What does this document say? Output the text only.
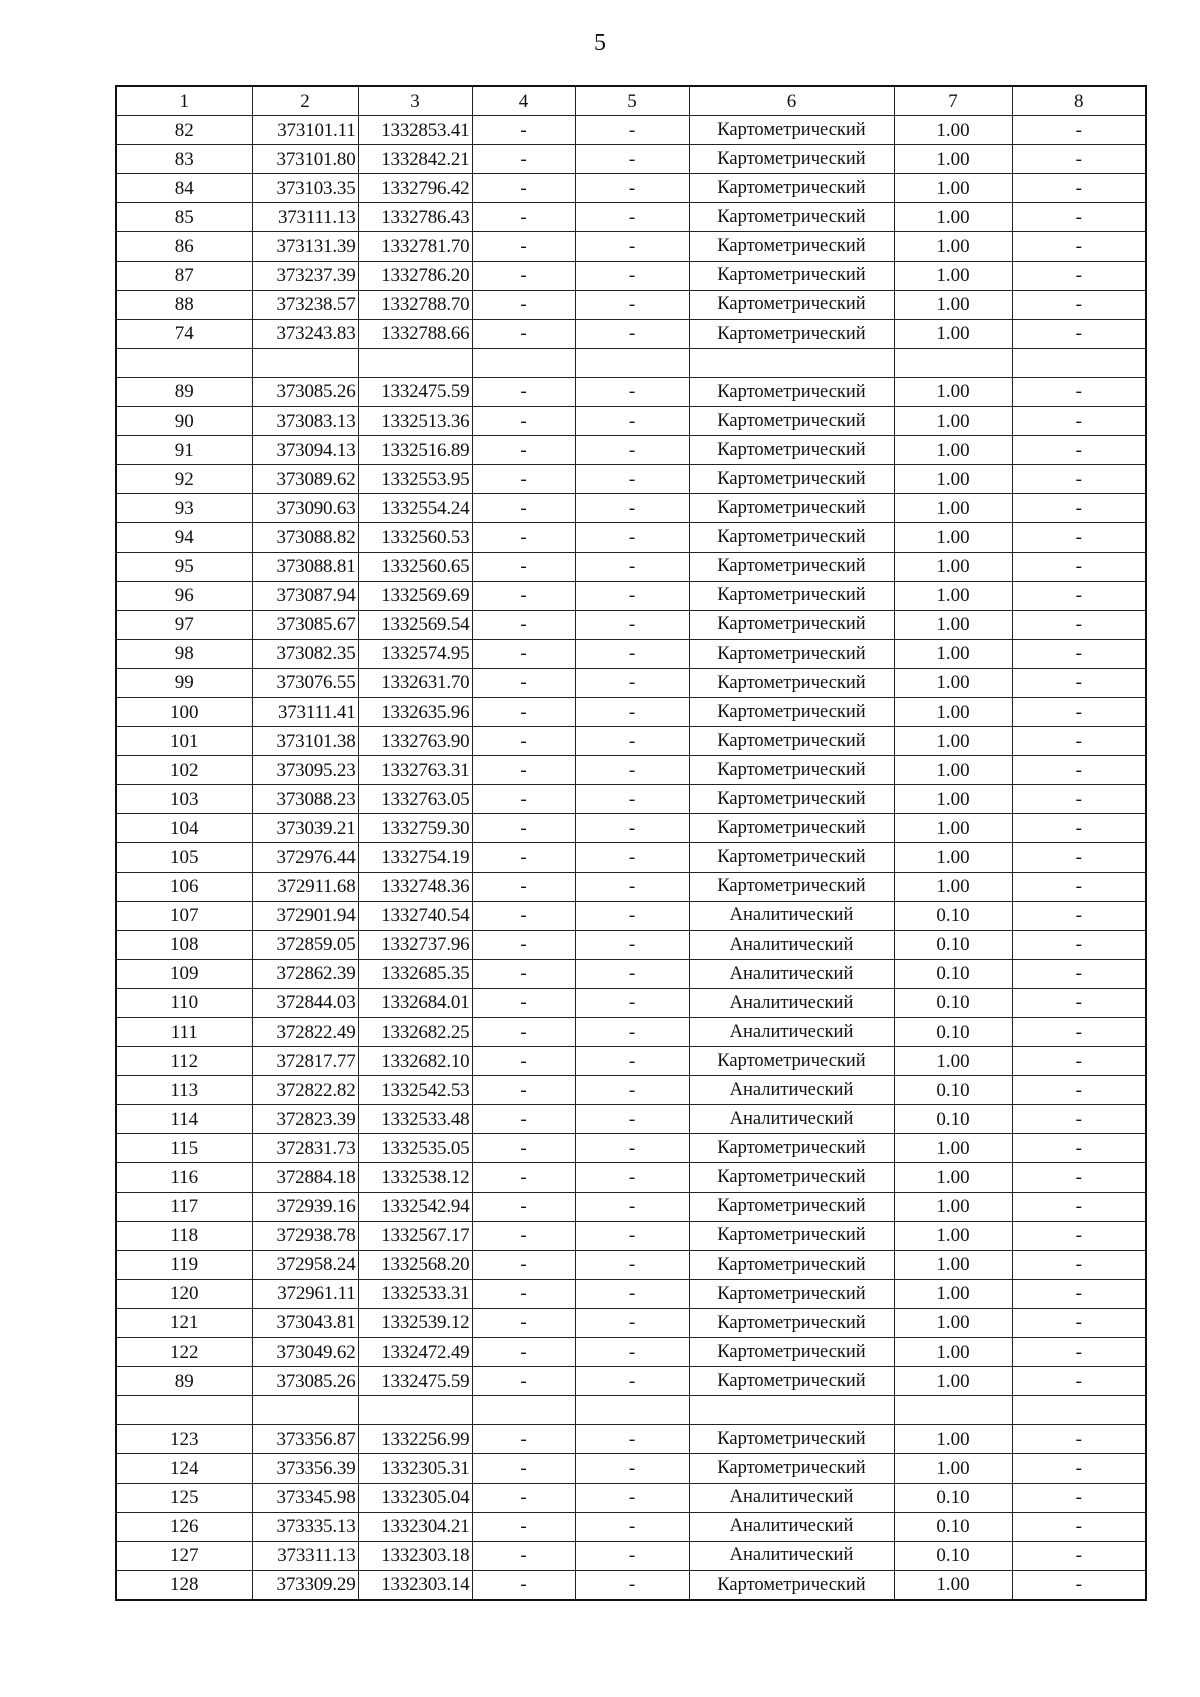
5
1	2	3	4	5	6	7	8
82	373101.11	1332853.41	-	-	Картометрический	1.00	-
83	373101.80	1332842.21	-	-	Картометрический	1.00	-
84	373103.35	1332796.42	-	-	Картометрический	1.00	-
85	373111.13	1332786.43	-	-	Картометрический	1.00	-
86	373131.39	1332781.70	-	-	Картометрический	1.00	-
87	373237.39	1332786.20	-	-	Картометрический	1.00	-
88	373238.57	1332788.70	-	-	Картометрический	1.00	-
74	373243.83	1332788.66	-	-	Картометрический	1.00	-

89	373085.26	1332475.59	-	-	Картометрический	1.00	-
90	373083.13	1332513.36	-	-	Картометрический	1.00	-
91	373094.13	1332516.89	-	-	Картометрический	1.00	-
92	373089.62	1332553.95	-	-	Картометрический	1.00	-
93	373090.63	1332554.24	-	-	Картометрический	1.00	-
94	373088.82	1332560.53	-	-	Картометрический	1.00	-
95	373088.81	1332560.65	-	-	Картометрический	1.00	-
96	373087.94	1332569.69	-	-	Картометрический	1.00	-
97	373085.67	1332569.54	-	-	Картометрический	1.00	-
98	373082.35	1332574.95	-	-	Картометрический	1.00	-
99	373076.55	1332631.70	-	-	Картометрический	1.00	-
100	373111.41	1332635.96	-	-	Картометрический	1.00	-
101	373101.38	1332763.90	-	-	Картометрический	1.00	-
102	373095.23	1332763.31	-	-	Картометрический	1.00	-
103	373088.23	1332763.05	-	-	Картометрический	1.00	-
104	373039.21	1332759.30	-	-	Картометрический	1.00	-
105	372976.44	1332754.19	-	-	Картометрический	1.00	-
106	372911.68	1332748.36	-	-	Картометрический	1.00	-
107	372901.94	1332740.54	-	-	Аналитический	0.10	-
108	372859.05	1332737.96	-	-	Аналитический	0.10	-
109	372862.39	1332685.35	-	-	Аналитический	0.10	-
110	372844.03	1332684.01	-	-	Аналитический	0.10	-
111	372822.49	1332682.25	-	-	Аналитический	0.10	-
112	372817.77	1332682.10	-	-	Картометрический	1.00	-
113	372822.82	1332542.53	-	-	Аналитический	0.10	-
114	372823.39	1332533.48	-	-	Аналитический	0.10	-
115	372831.73	1332535.05	-	-	Картометрический	1.00	-
116	372884.18	1332538.12	-	-	Картометрический	1.00	-
117	372939.16	1332542.94	-	-	Картометрический	1.00	-
118	372938.78	1332567.17	-	-	Картометрический	1.00	-
119	372958.24	1332568.20	-	-	Картометрический	1.00	-
120	372961.11	1332533.31	-	-	Картометрический	1.00	-
121	373043.81	1332539.12	-	-	Картометрический	1.00	-
122	373049.62	1332472.49	-	-	Картометрический	1.00	-
89	373085.26	1332475.59	-	-	Картометрический	1.00	-

123	373356.87	1332256.99	-	-	Картометрический	1.00	-
124	373356.39	1332305.31	-	-	Картометрический	1.00	-
125	373345.98	1332305.04	-	-	Аналитический	0.10	-
126	373335.13	1332304.21	-	-	Аналитический	0.10	-
127	373311.13	1332303.18	-	-	Аналитический	0.10	-
128	373309.29	1332303.14	-	-	Картометрический	1.00	-
